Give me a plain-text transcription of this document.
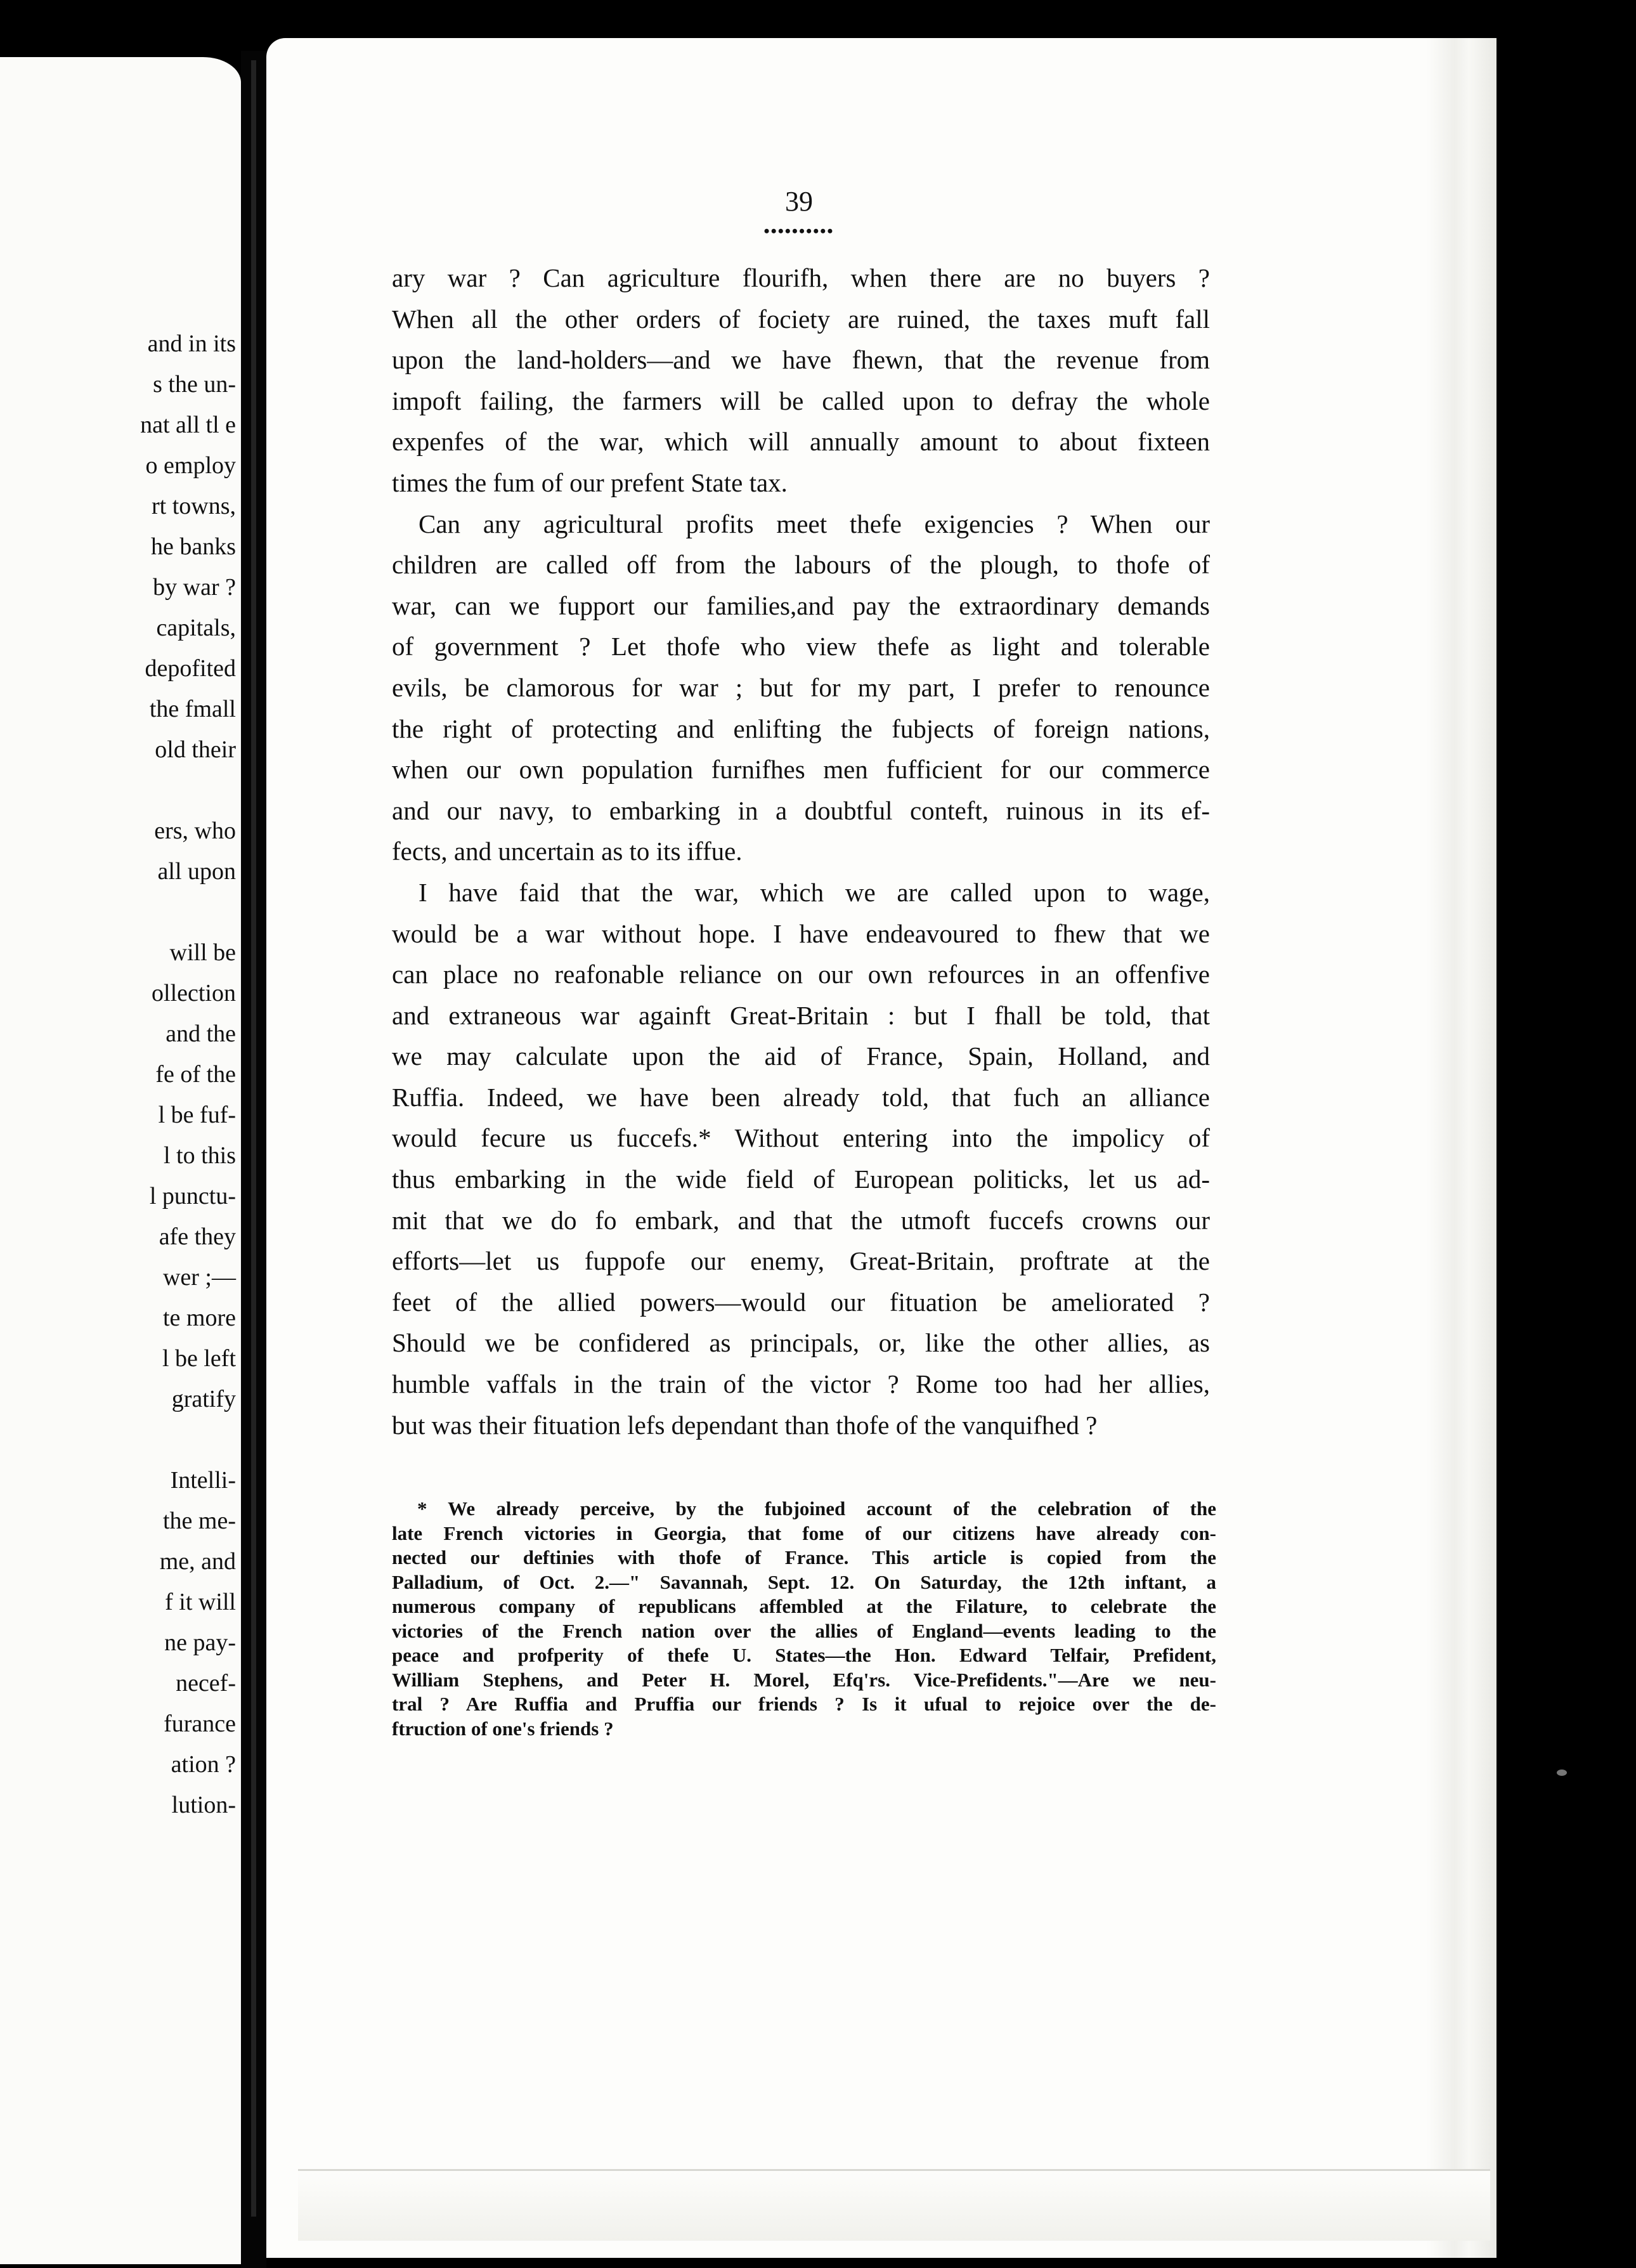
and in its
s the un-
nat all tl e
o employ
rt towns,
he banks
by war ?
capitals,
depofited
the fmall
old their
ers, who
all upon
will be
ollection
and the
fe of the
l be fuf-
l to this
l punctu-
afe they
wer ;—
te more
l be left
gratify
Intelli-
the me-
me, and
f it will
ne pay-
necef-
furance
ation ?
lution-
39
••••••••••
ary war ? Can agriculture flourifh, when there are no buyers ?
When all the other orders of fociety are ruined, the taxes muft fall
upon the land-holders—and we have fhewn, that the revenue from
impoft failing, the farmers will be called upon to defray the whole
expenfes of the war, which will annually amount to about fixteen
times the fum of our prefent State tax.
Can any agricultural profits meet thefe exigencies ? When our
children are called off from the labours of the plough, to thofe of
war, can we fupport our families,and pay the extraordinary demands
of government ? Let thofe who view thefe as light and tolerable
evils, be clamorous for war ; but for my part, I prefer to renounce
the right of protecting and enlifting the fubjects of foreign nations,
when our own population furnifhes men fufficient for our commerce
and our navy, to embarking in a doubtful conteft, ruinous in its ef-
fects, and uncertain as to its iffue.
I have faid that the war, which we are called upon to wage,
would be a war without hope. I have endeavoured to fhew that we
can place no reafonable reliance on our own refources in an offenfive
and extraneous war againft Great-Britain : but I fhall be told, that
we may calculate upon the aid of France, Spain, Holland, and
Ruffia. Indeed, we have been already told, that fuch an alliance
would fecure us fuccefs.* Without entering into the impolicy of
thus embarking in the wide field of European politicks, let us ad-
mit that we do fo embark, and that the utmoft fuccefs crowns our
efforts—let us fuppofe our enemy, Great-Britain, proftrate at the
feet of the allied powers—would our fituation be ameliorated ?
Should we be confidered as principals, or, like the other allies, as
humble vaffals in the train of the victor ? Rome too had her allies,
but was their fituation lefs dependant than thofe of the vanquifhed ?
* We already perceive, by the fubjoined account of the celebration of the
late French victories in Georgia, that fome of our citizens have already con-
nected our deftinies with thofe of France. This article is copied from the
Palladium, of Oct. 2.—" Savannah, Sept. 12. On Saturday, the 12th inftant, a
numerous company of republicans affembled at the Filature, to celebrate the
victories of the French nation over the allies of England—events leading to the
peace and profperity of thefe U. States—the Hon. Edward Telfair, Prefident,
William Stephens, and Peter H. Morel, Efq'rs. Vice-Prefidents."—Are we neu-
tral ? Are Ruffia and Pruffia our friends ? Is it ufual to rejoice over the de-
ftruction of one's friends ?
